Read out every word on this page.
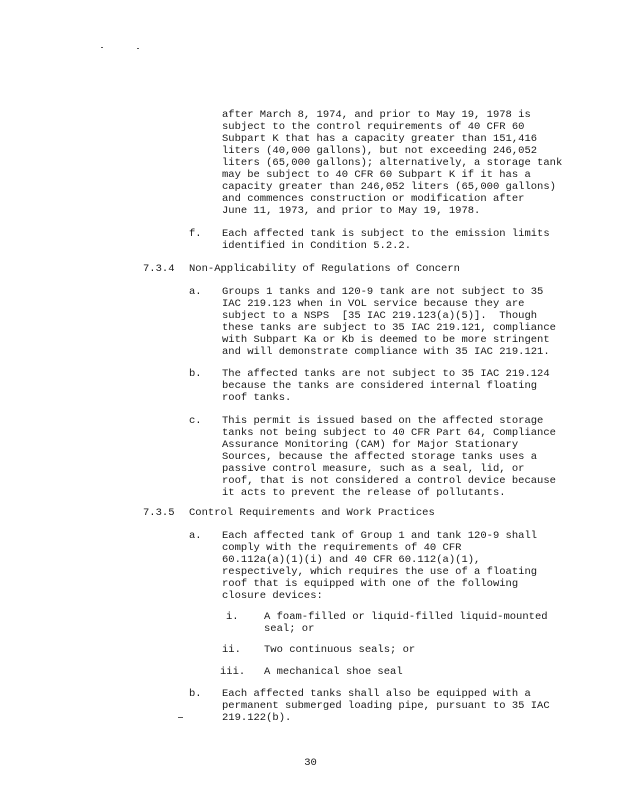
after March 8, 1974, and prior to May 19, 1978 is
subject to the control requirements of 40 CFR 60
Subpart K that has a capacity greater than 151,416
liters (40,000 gallons), but not exceeding 246,052
liters (65,000 gallons); alternatively, a storage tank
may be subject to 40 CFR 60 Subpart K if it has a
capacity greater than 246,052 liters (65,000 gallons)
and commences construction or modification after
June 11, 1973, and prior to May 19, 1978.
f. Each affected tank is subject to the emission limits
identified in Condition 5.2.2.
7.3.4 Non-Applicability of Regulations of Concern
a. Groups 1 tanks and 120-9 tank are not subject to 35
IAC 219.123 when in VOL service because they are
subject to a NSPS  [35 IAC 219.123(a)(5)].  Though
these tanks are subject to 35 IAC 219.121, compliance
with Subpart Ka or Kb is deemed to be more stringent
and will demonstrate compliance with 35 IAC 219.121.
b. The affected tanks are not subject to 35 IAC 219.124
because the tanks are considered internal floating
roof tanks.
c. This permit is issued based on the affected storage
tanks not being subject to 40 CFR Part 64, Compliance
Assurance Monitoring (CAM) for Major Stationary
Sources, because the affected storage tanks uses a
passive control measure, such as a seal, lid, or
roof, that is not considered a control device because
it acts to prevent the release of pollutants.
7.3.5 Control Requirements and Work Practices
a. Each affected tank of Group 1 and tank 120-9 shall
comply with the requirements of 40 CFR
60.112a(a)(1)(i) and 40 CFR 60.112(a)(1),
respectively, which requires the use of a floating
roof that is equipped with one of the following
closure devices:
i. A foam-filled or liquid-filled liquid-mounted
seal; or
ii. Two continuous seals; or
iii. A mechanical shoe seal
b. Each affected tanks shall also be equipped with a
permanent submerged loading pipe, pursuant to 35 IAC
219.122(b).
30
